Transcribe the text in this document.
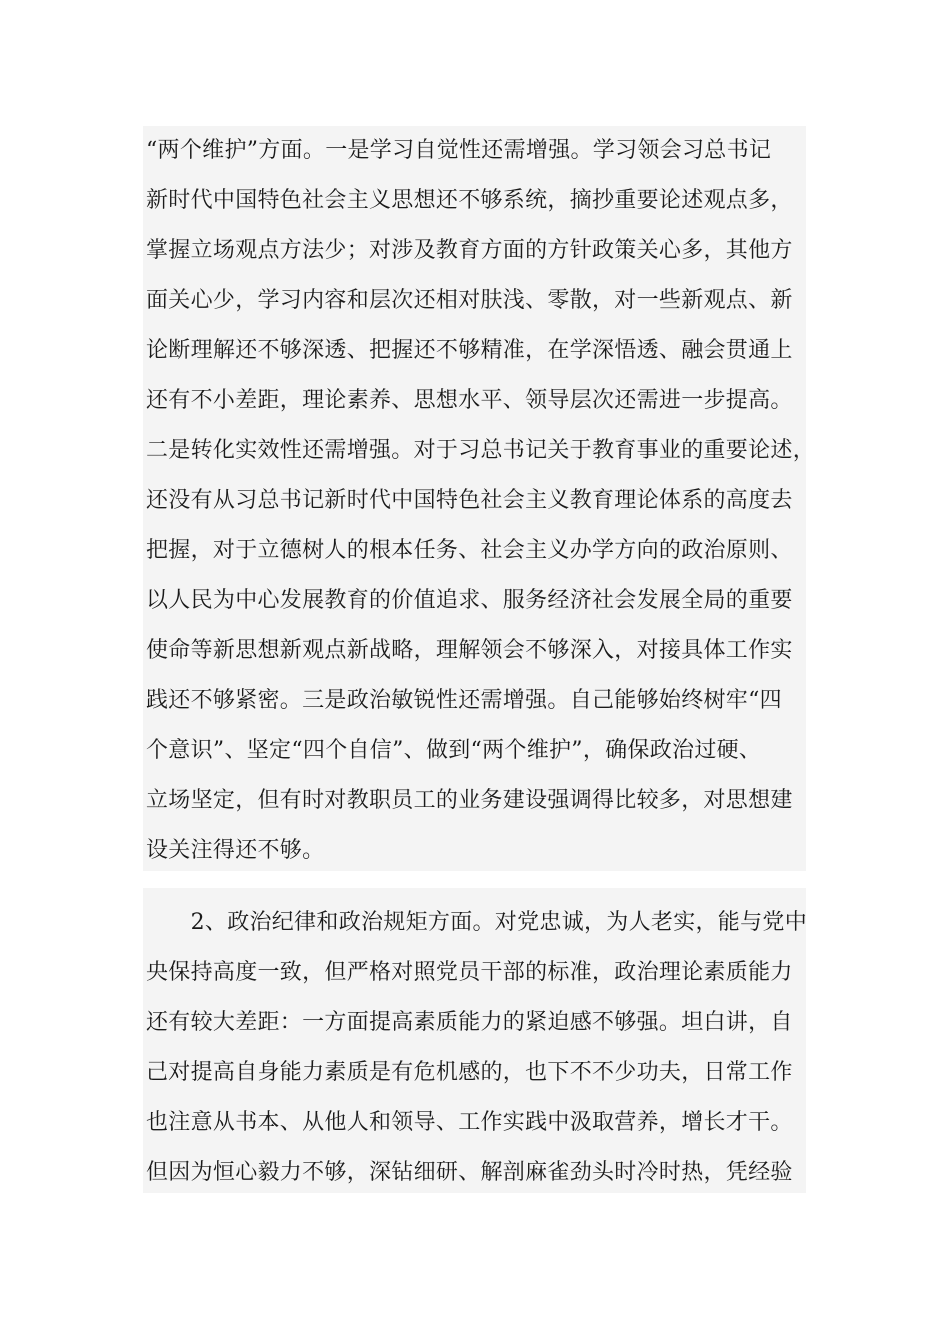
“两个维护”方面。一是学习自觉性还需增强。学习领会习总书记
新时代中国特色社会主义思想还不够系统，摘抄重要论述观点多，
掌握立场观点方法少；对涉及教育方面的方针政策关心多，其他方
面关心少，学习内容和层次还相对肤浅、零散，对一些新观点、新
论断理解还不够深透、把握还不够精准，在学深悟透、融会贯通上
还有不小差距，理论素养、思想水平、领导层次还需进一步提高。
二是转化实效性还需增强。对于习总书记关于教育事业的重要论述，
还没有从习总书记新时代中国特色社会主义教育理论体系的高度去
把握，对于立德树人的根本任务、社会主义办学方向的政治原则、
以人民为中心发展教育的价值追求、服务经济社会发展全局的重要
使命等新思想新观点新战略，理解领会不够深入，对接具体工作实
践还不够紧密。三是政治敏锐性还需增强。自己能够始终树牢“四
个意识”、坚定“四个自信”、做到“两个维护”，确保政治过硬、
立场坚定，但有时对教职员工的业务建设强调得比较多，对思想建
设关注得还不够。
　　2、政治纪律和政治规矩方面。对党忠诚，为人老实，能与党中
央保持高度一致，但严格对照党员干部的标准，政治理论素质能力
还有较大差距：一方面提高素质能力的紧迫感不够强。坦白讲，自
己对提高自身能力素质是有危机感的，也下不不少功夫，日常工作
也注意从书本、从他人和领导、工作实践中汲取营养，增长才干。
但因为恒心毅力不够，深钻细研、解剖麻雀劲头时冷时热，凭经验
